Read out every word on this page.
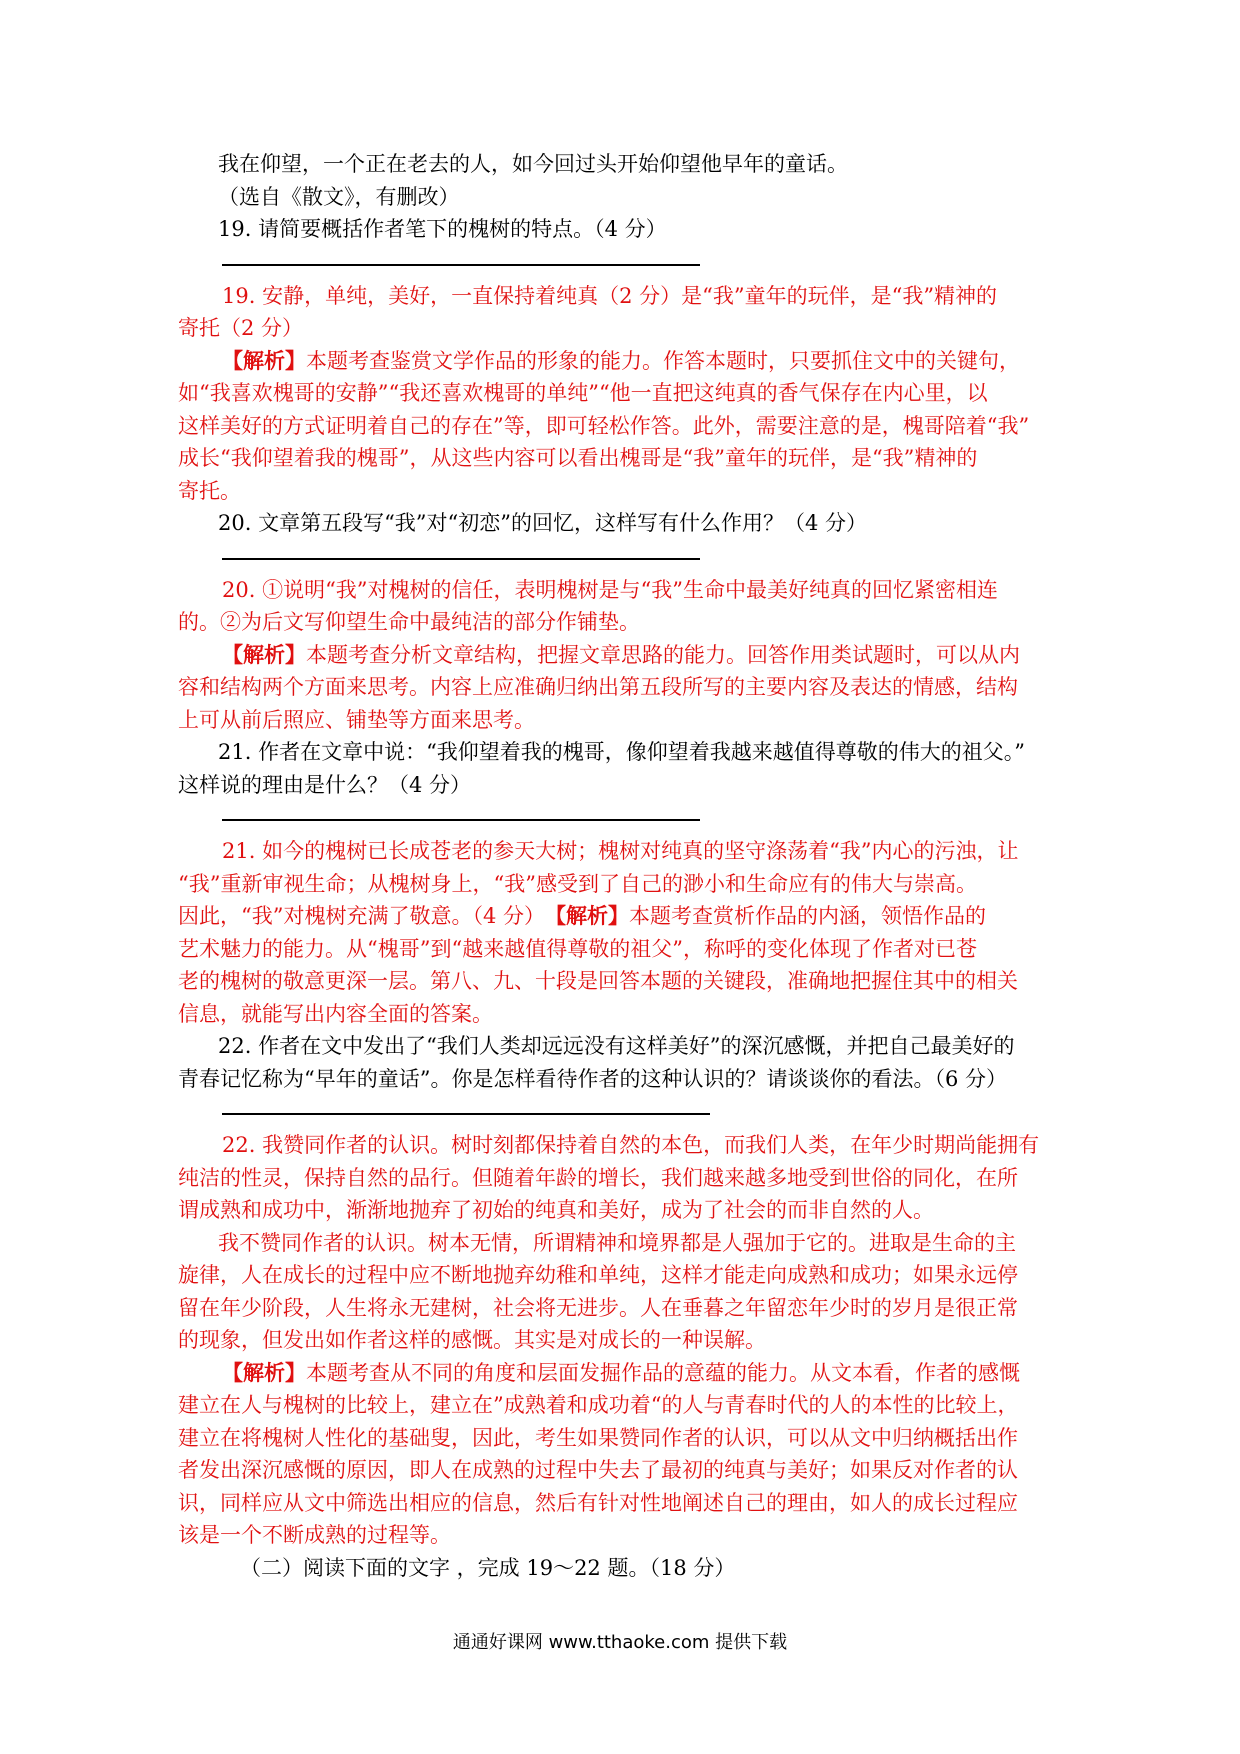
我在仰望，一个正在老去的人，如今回过头开始仰望他早年的童话。

（选自《散文》，有删改）

19. 请简要概括作者笔下的槐树的特点。（4 分）

19. 安静，单纯，美好，一直保持着纯真（2 分）是“我”童年的玩伴，是“我”精神的

寄托（2 分）

【解析】本题考查鉴赏文学作品的形象的能力。作答本题时，只要抓住文中的关键句，

如“我喜欢槐哥的安静”“我还喜欢槐哥的单纯”“他一直把这纯真的香气保存在内心里，以

这样美好的方式证明着自己的存在”等，即可轻松作答。此外，需要注意的是，槐哥陪着“我”

成长“我仰望着我的槐哥”，从这些内容可以看出槐哥是“我”童年的玩伴，是“我”精神的

寄托。

20. 文章第五段写“我”对“初恋”的回忆，这样写有什么作用？（4 分）

20. ①说明“我”对槐树的信任，表明槐树是与“我”生命中最美好纯真的回忆紧密相连

的。②为后文写仰望生命中最纯洁的部分作铺垫。

【解析】本题考查分析文章结构，把握文章思路的能力。回答作用类试题时，可以从内

容和结构两个方面来思考。内容上应准确归纳出第五段所写的主要内容及表达的情感，结构

上可从前后照应、铺垫等方面来思考。

21. 作者在文章中说：“我仰望着我的槐哥，像仰望着我越来越值得尊敬的伟大的祖父。”

这样说的理由是什么？（4 分）

21. 如今的槐树已长成苍老的参天大树；槐树对纯真的坚守涤荡着“我”内心的污浊，让

“我”重新审视生命；从槐树身上，“我”感受到了自己的渺小和生命应有的伟大与崇高。

因此，“我”对槐树充满了敬意。（4 分）　【解析】本题考查赏析作品的内涵，领悟作品的

艺术魅力的能力。从“槐哥”到“越来越值得尊敬的祖父”，称呼的变化体现了作者对已苍

老的槐树的敬意更深一层。第八、九、十段是回答本题的关键段，准确地把握住其中的相关

信息，就能写出内容全面的答案。

22. 作者在文中发出了“我们人类却远远没有这样美好”的深沉感慨，并把自己最美好的

青春记忆称为“早年的童话”。你是怎样看待作者的这种认识的？请谈谈你的看法。（6 分）

22. 我赞同作者的认识。树时刻都保持着自然的本色，而我们人类，在年少时期尚能拥有

纯洁的性灵，保持自然的品行。但随着年龄的增长，我们越来越多地受到世俗的同化，在所

谓成熟和成功中，渐渐地抛弃了初始的纯真和美好，成为了社会的而非自然的人。

我不赞同作者的认识。树本无情，所谓精神和境界都是人强加于它的。进取是生命的主

旋律，人在成长的过程中应不断地抛弃幼稚和单纯，这样才能走向成熟和成功；如果永远停

留在年少阶段，人生将永无建树，社会将无进步。人在垂暮之年留恋年少时的岁月是很正常

的现象，但发出如作者这样的感慨。其实是对成长的一种误解。

【解析】本题考查从不同的角度和层面发掘作品的意蕴的能力。从文本看，作者的感慨

建立在人与槐树的比较上，建立在”成熟着和成功着“的人与青春时代的人的本性的比较上，

建立在将槐树人性化的基础叟，因此，考生如果赞同作者的认识，可以从文中归纳概括出作

者发出深沉感慨的原因，即人在成熟的过程中失去了最初的纯真与美好；如果反对作者的认

识，同样应从文中筛选出相应的信息，然后有针对性地阐述自己的理由，如人的成长过程应

该是一个不断成熟的过程等。

（二）阅读下面的文字 ，完成 19～22 题。（18 分）

通通好课网 www.tthaoke.com 提供下载
